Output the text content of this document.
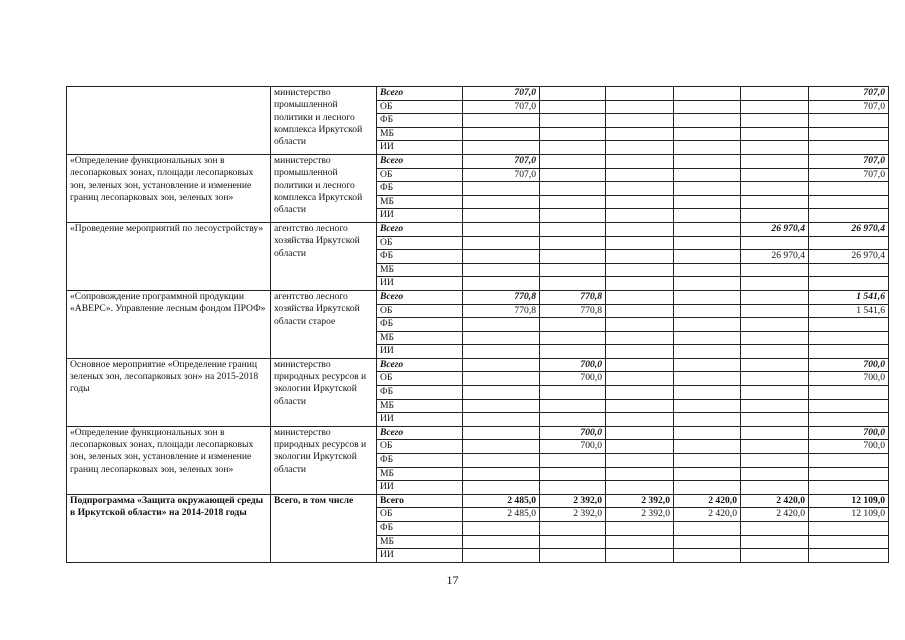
	министерство промышленной политики и лесного комплекса Иркутской области	Всего	707,0					707,0
		ОБ	707,0					707,0
		ФБ						
		МБ						
		ИИ						
«Определение функциональных зон в лесопарковых зонах, площади лесопарковых зон, зеленых зон, установление и изменение границ лесопарковых зон, зеленых зон»	министерство промышленной политики и лесного комплекса Иркутской области	Всего	707,0					707,0
		ОБ	707,0					707,0
		ФБ						
		МБ						
		ИИ						
«Проведение мероприятий по лесоустройству»	агентство лесного хозяйства Иркутской области	Всего					26 970,4	26 970,4
		ОБ						
		ФБ					26 970,4	26 970,4
		МБ						
		ИИ						
«Сопровождение программной продукции «АВЕРС». Управление лесным фондом ПРОФ»	агентство лесного хозяйства Иркутской области старое	Всего	770,8	770,8				1 541,6
		ОБ	770,8	770,8				1 541,6
		ФБ						
		МБ						
		ИИ						
Основное мероприятие «Определение границ зеленых зон, лесопарковых зон» на 2015-2018 годы	министерство природных ресурсов и экологии Иркутской области	Всего		700,0				700,0
		ОБ		700,0				700,0
		ФБ						
		МБ						
		ИИ						
«Определение функциональных зон в лесопарковых зонах, площади лесопарковых зон, зеленых зон, установление и изменение границ лесопарковых зон, зеленых зон»	министерство природных ресурсов и экологии Иркутской области	Всего		700,0				700,0
		ОБ		700,0				700,0
		ФБ						
		МБ						
		ИИ						
Подпрограмма «Защита окружающей среды в Иркутской области» на 2014-2018 годы	Всего, в том числе	Всего	2 485,0	2 392,0	2 392,0	2 420,0	2 420,0	12 109,0
		ОБ	2 485,0	2 392,0	2 392,0	2 420,0	2 420,0	12 109,0
		ФБ						
		МБ						
		ИИ						
17
